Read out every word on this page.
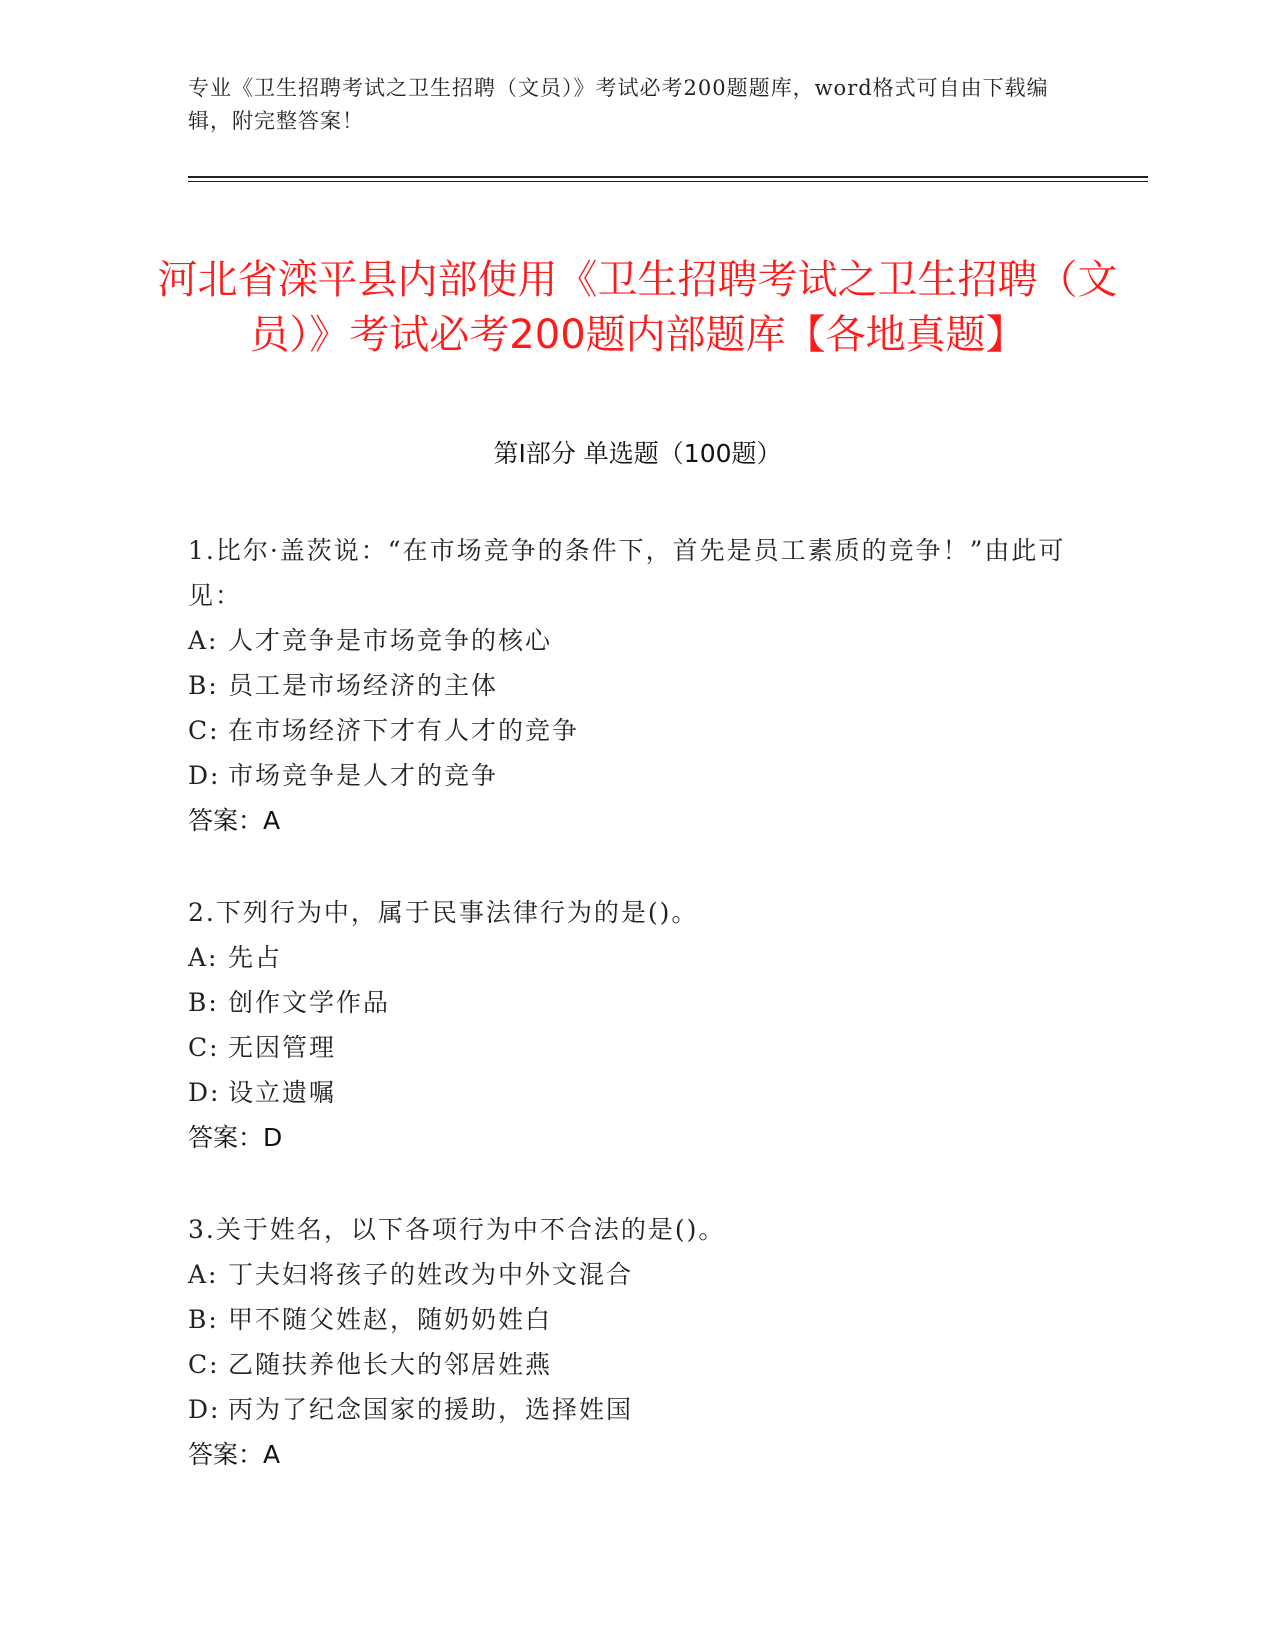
专业《卫生招聘考试之卫生招聘（文员）》考试必考200题题库，word格式可自由下载编辑，附完整答案！
河北省滦平县内部使用《卫生招聘考试之卫生招聘（文员）》考试必考200题内部题库【各地真题】
第Ⅰ部分 单选题（100题）
1.比尔·盖茨说：“在市场竞争的条件下，首先是员工素质的竞争！”由此可见：
A: 人才竞争是市场竞争的核心
B: 员工是市场经济的主体
C: 在市场经济下才有人才的竞争
D: 市场竞争是人才的竞争
答案：A
2.下列行为中，属于民事法律行为的是()。
A: 先占
B: 创作文学作品
C: 无因管理
D: 设立遗嘱
答案：D
3.关于姓名，以下各项行为中不合法的是()。
A: 丁夫妇将孩子的姓改为中外文混合
B: 甲不随父姓赵，随奶奶姓白
C: 乙随扶养他长大的邻居姓燕
D: 丙为了纪念国家的援助，选择姓国
答案：A
